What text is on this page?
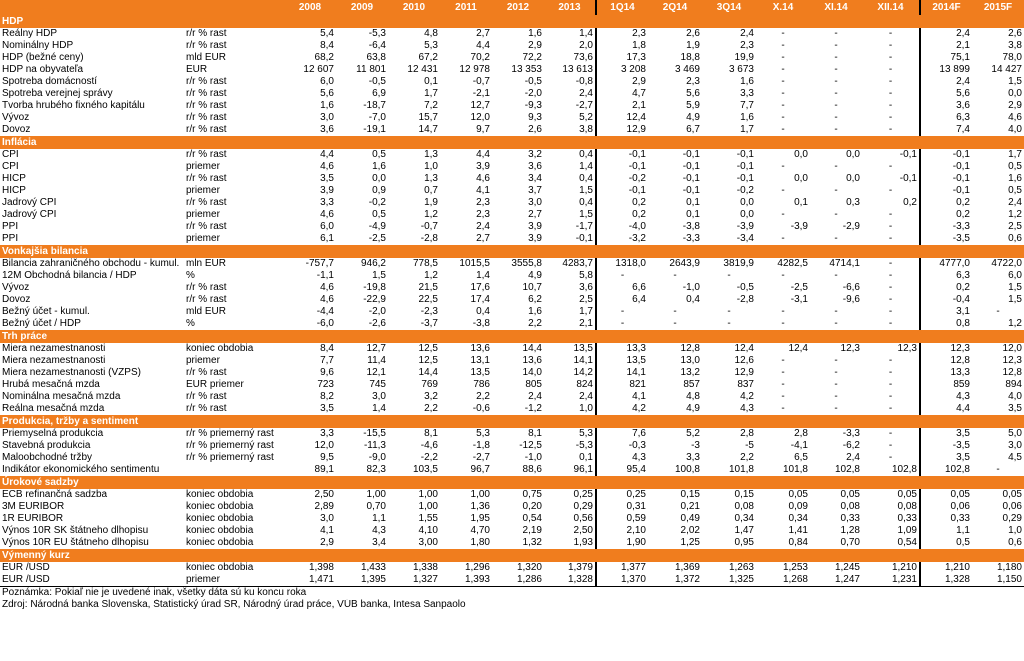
		2008	2009	2010	2011	2012	2013	1Q14	2Q14	3Q14	X.14	XI.14	XII.14	2014F	2015F
HDP															
Reálny HDP	r/r % rast	5,4	-5,3	4,8	2,7	1,6	1,4	2,3	2,6	2,4	-	-	-	2,4	2,6
Nominálny HDP	r/r % rast	8,4	-6,4	5,3	4,4	2,9	2,0	1,8	1,9	2,3	-	-	-	2,1	3,8
HDP (bežné ceny)	mld EUR	68,2	63,8	67,2	70,2	72,2	73,6	17,3	18,8	19,9	-	-	-	75,1	78,0
HDP na obyvateľa	EUR	12 607	11 801	12 431	12 978	13 353	13 613	3 208	3 469	3 673	-	-	-	13 899	14 427
Spotreba domácností	r/r % rast	6,0	-0,5	0,1	-0,7	-0,5	-0,8	2,9	2,3	1,6	-	-	-	2,4	1,5
Spotreba verejnej správy	r/r % rast	5,6	6,9	1,7	-2,1	-2,0	2,4	4,7	5,6	3,3	-	-	-	5,6	0,0
Tvorba hrubého fixného kapitálu	r/r % rast	1,6	-18,7	7,2	12,7	-9,3	-2,7	2,1	5,9	7,7	-	-	-	3,6	2,9
Vývoz	r/r % rast	3,0	-7,0	15,7	12,0	9,3	5,2	12,4	4,9	1,6	-	-	-	6,3	4,6
Dovoz	r/r % rast	3,6	-19,1	14,7	9,7	2,6	3,8	12,9	6,7	1,7	-	-	-	7,4	4,0
Inflácia															
CPI	r/r % rast	4,4	0,5	1,3	4,4	3,2	0,4	-0,1	-0,1	-0,1	0,0	0,0	-0,1	-0,1	1,7
CPI	priemer	4,6	1,6	1,0	3,9	3,6	1,4	-0,1	-0,1	-0,1	-	-	-	-0,1	0,5
HICP	r/r % rast	3,5	0,0	1,3	4,6	3,4	0,4	-0,2	-0,1	-0,1	0,0	0,0	-0,1	-0,1	1,6
HICP	priemer	3,9	0,9	0,7	4,1	3,7	1,5	-0,1	-0,1	-0,2	-	-	-	-0,1	0,5
Jadrový CPI	r/r % rast	3,3	-0,2	1,9	2,3	3,0	0,4	0,2	0,1	0,0	0,1	0,3	0,2	0,2	2,4
Jadrový CPI	priemer	4,6	0,5	1,2	2,3	2,7	1,5	0,2	0,1	0,0	-	-	-	0,2	1,2
PPI	r/r % rast	6,0	-4,9	-0,7	2,4	3,9	-1,7	-4,0	-3,8	-3,9	-3,9	-2,9	-	-3,3	2,5
PPI	priemer	6,1	-2,5	-2,8	2,7	3,9	-0,1	-3,2	-3,3	-3,4	-	-	-	-3,5	0,6
Vonkajšia bilancia															
Bilancia zahraničného obchodu - kumul.	mln EUR	-757,7	946,2	778,5	1015,5	3555,8	4283,7	1318,0	2643,9	3819,9	4282,5	4714,1	-	4777,0	4722,0
12M Obchodná bilancia / HDP	%	-1,1	1,5	1,2	1,4	4,9	5,8	-	-	-	-	-	-	6,3	6,0
Vývoz	r/r % rast	4,6	-19,8	21,5	17,6	10,7	3,6	6,6	-1,0	-0,5	-2,5	-6,6	-	0,2	1,5
Dovoz	r/r % rast	4,6	-22,9	22,5	17,4	6,2	2,5	6,4	0,4	-2,8	-3,1	-9,6	-	-0,4	1,5
Bežný účet - kumul.	mld EUR	-4,4	-2,0	-2,3	0,4	1,6	1,7	-	-	-	-	-	-	3,1	-
Bežný účet / HDP	%	-6,0	-2,6	-3,7	-3,8	2,2	2,1	-	-	-	-	-	-	0,8	1,2
Trh práce															
Miera nezamestnanosti	koniec obdobia	8,4	12,7	12,5	13,6	14,4	13,5	13,3	12,8	12,4	12,4	12,3	12,3	12,3	12,0
Miera nezamestnanosti	priemer	7,7	11,4	12,5	13,1	13,6	14,1	13,5	13,0	12,6	-	-	-	12,8	12,3
Miera nezamestnanosti (VZPS)	r/r % rast	9,6	12,1	14,4	13,5	14,0	14,2	14,1	13,2	12,9	-	-	-	13,3	12,8
Hrubá mesačná mzda	EUR priemer	723	745	769	786	805	824	821	857	837	-	-	-	859	894
Nominálna mesačná mzda	r/r % rast	8,2	3,0	3,2	2,2	2,4	2,4	4,1	4,8	4,2	-	-	-	4,3	4,0
Reálna mesačná mzda	r/r % rast	3,5	1,4	2,2	-0,6	-1,2	1,0	4,2	4,9	4,3	-	-	-	4,4	3,5
Produkcia, tržby a sentiment															
Priemyselná produkcia	r/r % priemerný rast	3,3	-15,5	8,1	5,3	8,1	5,3	7,6	5,2	2,8	2,8	-3,3	-	3,5	5,0
Stavebná produkcia	r/r % priemerný rast	12,0	-11,3	-4,6	-1,8	-12,5	-5,3	-0,3	-3	-5	-4,1	-6,2	-	-3,5	3,0
Maloobchodné tržby	r/r % priemerný rast	9,5	-9,0	-2,2	-2,7	-1,0	0,1	4,3	3,3	2,2	6,5	2,4	-	3,5	4,5
Indikátor ekonomického sentimentu		89,1	82,3	103,5	96,7	88,6	96,1	95,4	100,8	101,8	101,8	102,8	102,8	102,8	-
Úrokové sadzby															
ECB refinančná sadzba	koniec obdobia	2,50	1,00	1,00	1,00	0,75	0,25	0,25	0,15	0,15	0,05	0,05	0,05	0,05	0,05
3M EURIBOR	koniec obdobia	2,89	0,70	1,00	1,36	0,20	0,29	0,31	0,21	0,08	0,09	0,08	0,08	0,06	0,06
1R EURIBOR	koniec obdobia	3,0	1,1	1,55	1,95	0,54	0,56	0,59	0,49	0,34	0,34	0,33	0,33	0,33	0,29
Výnos 10R SK štátneho dlhopisu	koniec obdobia	4,1	4,3	4,10	4,70	2,19	2,50	2,10	2,02	1,47	1,41	1,28	1,09	1,1	1,0
Výnos 10R EU štátneho dlhopisu	koniec obdobia	2,9	3,4	3,00	1,80	1,32	1,93	1,90	1,25	0,95	0,84	0,70	0,54	0,5	0,6
Výmenný kurz															
EUR /USD	koniec obdobia	1,398	1,433	1,338	1,296	1,320	1,379	1,377	1,369	1,263	1,253	1,245	1,210	1,210	1,180
EUR /USD	priemer	1,471	1,395	1,327	1,393	1,286	1,328	1,370	1,372	1,325	1,268	1,247	1,231	1,328	1,150
Poznámka: Pokiaľ nie je uvedené inak, všetky dáta sú ku koncu roka															
Zdroj: Národná banka Slovenska, Štatistický úrad SR, Národný úrad práce, VÚB banka, Intesa Sanpaolo															
